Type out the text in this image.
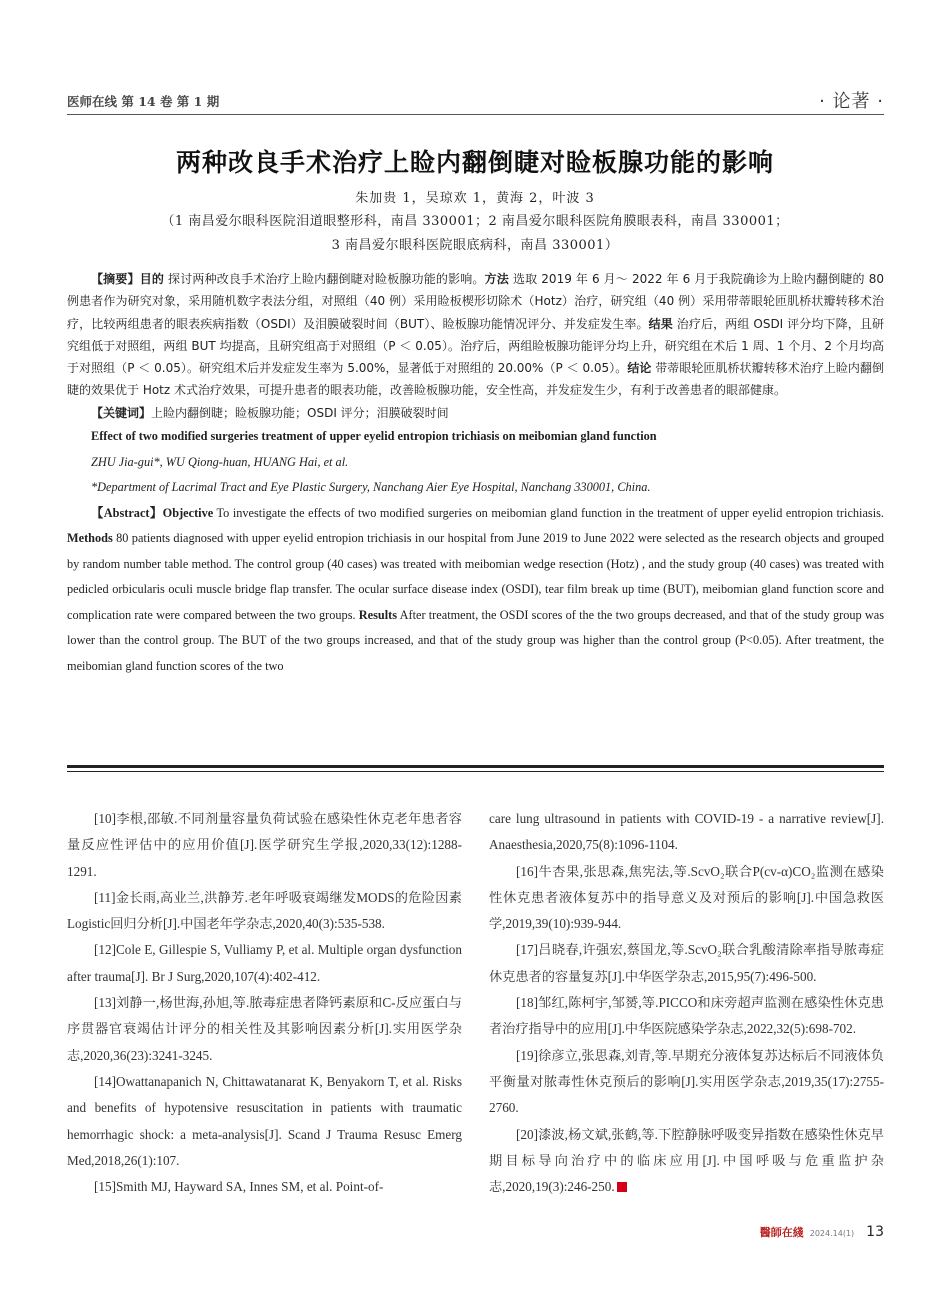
医师在线 第 14 卷 第 1 期	· 论著 ·
两种改良手术治疗上睑内翻倒睫对睑板腺功能的影响
朱加贵 1，吴琼欢 1，黄海 2，叶波 3
（1 南昌爱尔眼科医院泪道眼整形科，南昌 330001；2 南昌爱尔眼科医院角膜眼表科，南昌 330001；
3 南昌爱尔眼科医院眼底病科，南昌 330001）

【摘要】目的 探讨两种改良手术治疗上睑内翻倒睫对睑板腺功能的影响。方法 选取 2019 年 6 月～ 2022 年 6 月于我院确诊为上睑内翻倒睫的 80 例患者作为研究对象，采用随机数字表法分组，对照组（40 例）采用睑板楔形切除术（Hotz）治疗，研究组（40 例）采用带蒂眼轮匝肌桥状瓣转移术治疗，比较两组患者的眼表疾病指数（OSDI）及泪膜破裂时间（BUT）、睑板腺功能情况评分、并发症发生率。结果 治疗后，两组 OSDI 评分均下降，且研究组低于对照组，两组 BUT 均提高，且研究组高于对照组（P ＜ 0.05）。治疗后，两组睑板腺功能评分均上升，研究组在术后 1 周、1 个月、2 个月均高于对照组（P ＜ 0.05）。研究组术后并发症发生率为 5.00%，显著低于对照组的 20.00%（P ＜ 0.05）。结论 带蒂眼轮匝肌桥状瓣转移术治疗上睑内翻倒睫的效果优于 Hotz 术式治疗效果，可提升患者的眼表功能，改善睑板腺功能，安全性高，并发症发生少，有利于改善患者的眼部健康。

【关键词】上睑内翻倒睫；睑板腺功能；OSDI 评分；泪膜破裂时间

Effect of two modified surgeries treatment of upper eyelid entropion trichiasis on meibomian gland function

ZHU Jia-gui*, WU Qiong-huan, HUANG Hai, et al.

*Department of Lacrimal Tract and Eye Plastic Surgery, Nanchang Aier Eye Hospital, Nanchang 330001, China.

【Abstract】Objective To investigate the effects of two modified surgeries on meibomian gland function in the treatment of upper eyelid entropion trichiasis. Methods 80 patients diagnosed with upper eyelid entropion trichiasis in our hospital from June 2019 to June 2022 were selected as the research objects and grouped by random number table method. The control group (40 cases) was treated with meibomian wedge resection (Hotz) , and the study group (40 cases) was treated with pedicled orbicularis oculi muscle bridge flap transfer. The ocular surface disease index (OSDI), tear film break up time (BUT), meibomian gland function score and complication rate were compared between the two groups. Results After treatment, the OSDI scores of the the two groups decreased, and that of the study group was lower than the control group. The BUT of the two groups increased, and that of the study group was higher than the control group (P<0.05). After treatment, the meibomian gland function scores of the two

[10]李根,邵敏.不同剂量容量负荷试验在感染性休克老年患者容量反应性评估中的应用价值[J].医学研究生学报,2020,33(12):1288-1291.

[11]金长雨,高业兰,洪静芳.老年呼吸衰竭继发MODS的危险因素Logistic回归分析[J].中国老年学杂志,2020,40(3):535-538.

[12]Cole E, Gillespie S, Vulliamy P, et al. Multiple organ dysfunction after trauma[J]. Br J Surg,2020,107(4):402-412.

[13]刘静一,杨世海,孙旭,等.脓毒症患者降钙素原和C-反应蛋白与序贯器官衰竭估计评分的相关性及其影响因素分析[J].实用医学杂志,2020,36(23):3241-3245.

[14]Owattanapanich N, Chittawatanarat K, Benyakorn T, et al. Risks and benefits of hypotensive resuscitation in patients with traumatic hemorrhagic shock: a meta-analysis[J]. Scand J Trauma Resusc Emerg Med,2018,26(1):107.

[15]Smith MJ, Hayward SA, Innes SM, et al. Point-of-

care lung ultrasound in patients with COVID-19 - a narrative review[J]. Anaesthesia,2020,75(8):1096-1104.

[16]牛杏果,张思森,焦宪法,等.ScvO₂联合P(cv-α)CO₂监测在感染性休克患者液体复苏中的指导意义及对预后的影响[J].中国急救医学,2019,39(10):939-944.

[17]吕晓春,许强宏,蔡国龙,等.ScvO₂联合乳酸清除率指导脓毒症休克患者的容量复苏[J].中华医学杂志,2015,95(7):496-500.

[18]邹红,陈柯宇,邹赟,等.PICCO和床旁超声监测在感染性休克患者治疗指导中的应用[J].中华医院感染学杂志,2022,32(5):698-702.

[19]徐彦立,张思森,刘青,等.早期充分液体复苏达标后不同液体负平衡量对脓毒性休克预后的影响[J].实用医学杂志,2019,35(17):2755-2760.

[20]漆波,杨文斌,张鹤,等.下腔静脉呼吸变异指数在感染性休克早期目标导向治疗中的临床应用[J].中国呼吸与危重监护杂志,2020,19(3):246-250.

醫師在綫 2024.14(1) 13
